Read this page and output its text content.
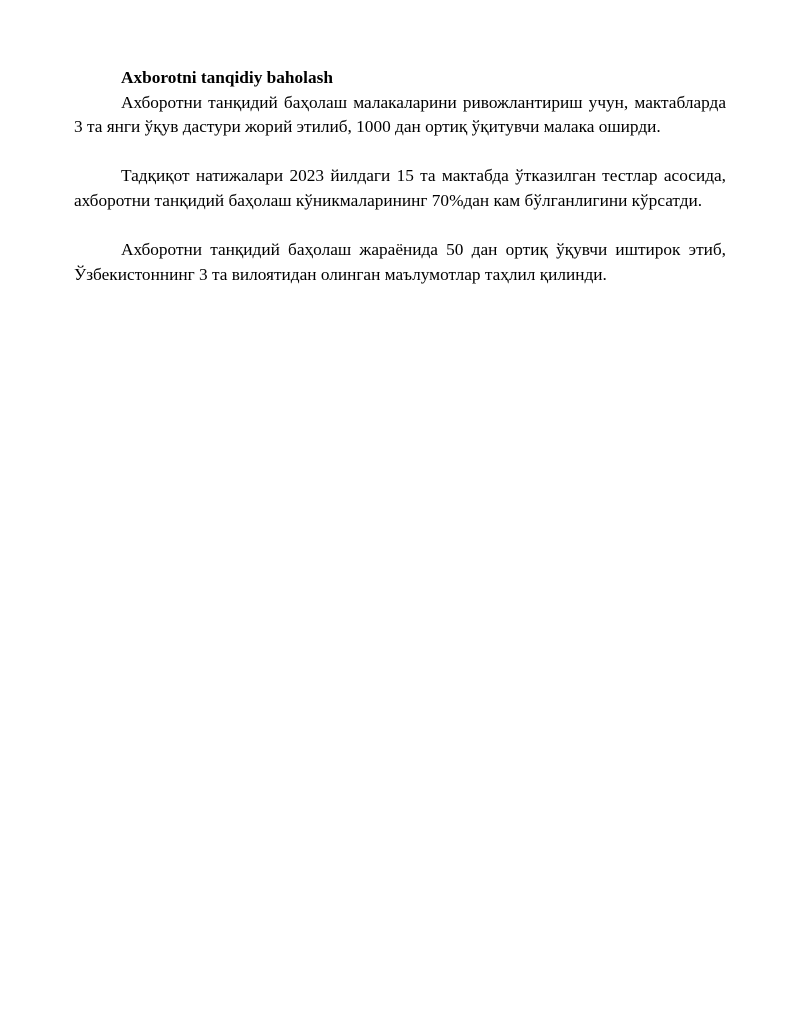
Axborotni tanqidiy baholash

Ахборотни танқидий баҳолаш малакаларини ривожлантириш учун, мактабларда 3 та янги ўқув дастури жорий этилиб, 1000 дан ортиқ ўқитувчи малака оширди.

Тадқиқот натижалари 2023 йилдаги 15 та мактабда ўтказилган тестлар асосида, ахборотни танқидий баҳолаш кўникмаларининг 70%дан кам бўлганлигини кўрсатди.

Ахборотни танқидий баҳолаш жараёнида 50 дан ортиқ ўқувчи иштирок этиб, Ўзбекистоннинг 3 та вилоятидан олинган маълумотлар таҳлил қилинди.
